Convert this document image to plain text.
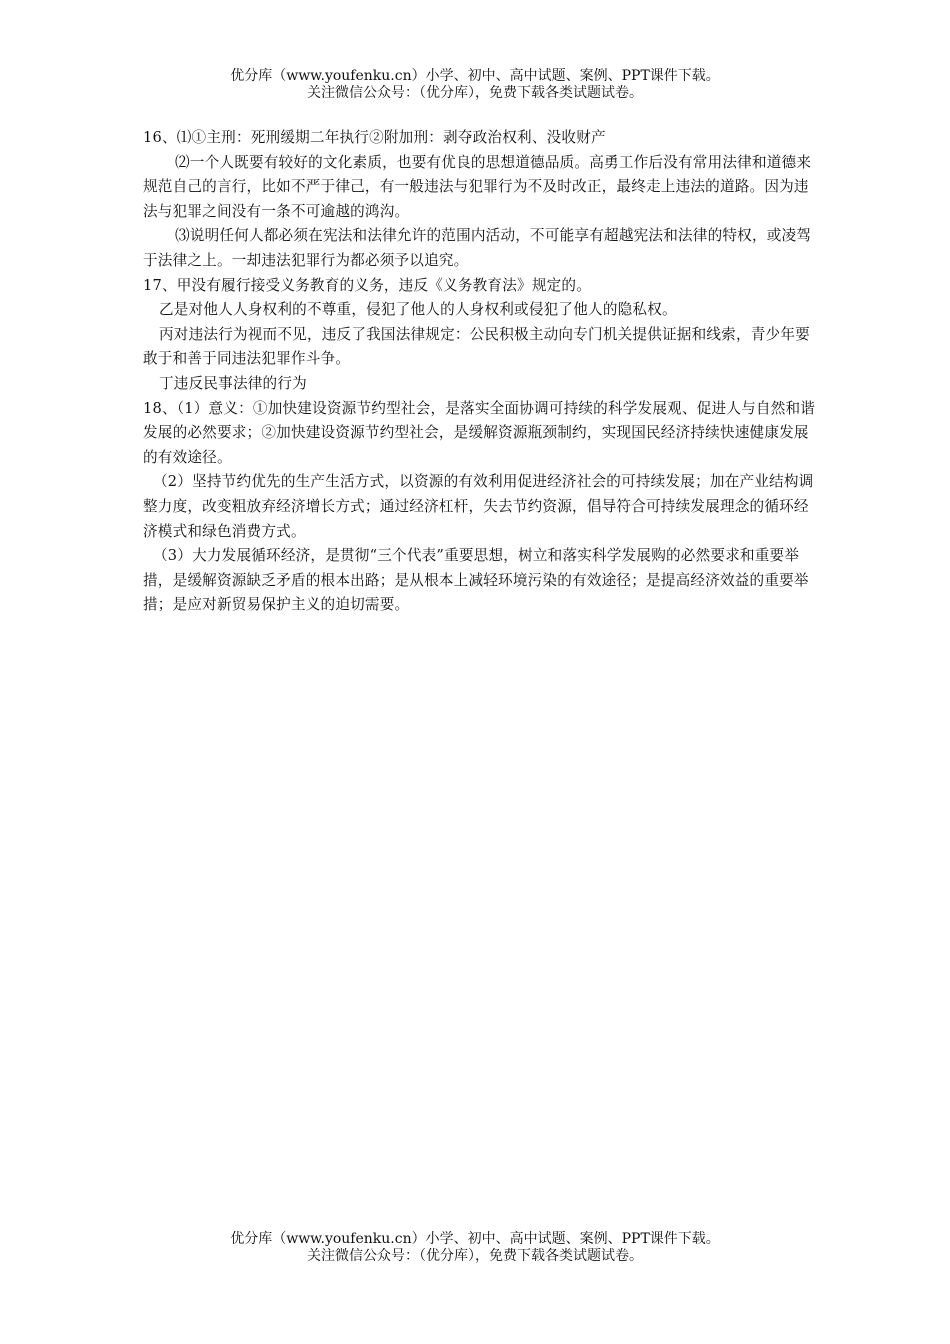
优分库（www.youfenku.cn）小学、初中、高中试题、案例、PPT课件下载。
关注微信公众号：（优分库），免费下载各类试题试卷。

16、⑴①主刑：死刑缓期二年执行②附加刑：剥夺政治权利、没收财产

⑵一个人既要有较好的文化素质，也要有优良的思想道德品质。高勇工作后没有常用法律和道德来规范自己的言行，比如不严于律己，有一般违法与犯罪行为不及时改正，最终走上违法的道路。因为违法与犯罪之间没有一条不可逾越的鸿沟。

⑶说明任何人都必须在宪法和法律允许的范围内活动，不可能享有超越宪法和法律的特权，或凌驾于法律之上。一却违法犯罪行为都必须予以追究。

17、甲没有履行接受义务教育的义务，违反《义务教育法》规定的。

乙是对他人人身权利的不尊重，侵犯了他人的人身权利或侵犯了他人的隐私权。

丙对违法行为视而不见，违反了我国法律规定：公民积极主动向专门机关提供证据和线索，青少年要敢于和善于同违法犯罪作斗争。

丁违反民事法律的行为

18、（1）意义：①加快建设资源节约型社会，是落实全面协调可持续的科学发展观、促进人与自然和谐发展的必然要求；②加快建设资源节约型社会，是缓解资源瓶颈制约，实现国民经济持续快速健康发展的有效途径。

（2）坚持节约优先的生产生活方式，以资源的有效利用促进经济社会的可持续发展；加在产业结构调整力度，改变粗放弃经济增长方式；通过经济杠杆，失去节约资源，倡导符合可持续发展理念的循环经济模式和绿色消费方式。

（3）大力发展循环经济，是贯彻“三个代表”重要思想，树立和落实科学发展购的必然要求和重要举措，是缓解资源缺乏矛盾的根本出路；是从根本上减轻环境污染的有效途径；是提高经济效益的重要举措；是应对新贸易保护主义的迫切需要。

优分库（www.youfenku.cn）小学、初中、高中试题、案例、PPT课件下载。
关注微信公众号：（优分库），免费下载各类试题试卷。
